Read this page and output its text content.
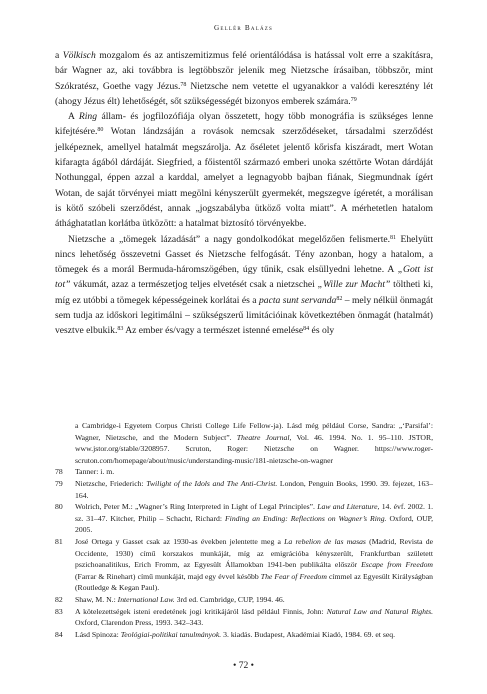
Gellér Balázs

a Völkisch mozgalom és az antiszemitizmus felé orientálódása is hatással volt erre a szakításra, bár Wagner az, aki továbbra is legtöbbször jelenik meg Nietzsche írásaiban, többször, mint Szókratész, Goethe vagy Jézus.$^{78}$ Nietzsche nem vetette el ugyanakkor a valódi keresztény lét (ahogy Jézus élt) lehetőségét, sőt szükségességét bizonyos emberek számára.$^{79}$

A Ring állam- és jogfilozófiája olyan összetett, hogy több monográfia is szükséges lenne kifejtésére.$^{80}$ Wotan lándzsáján a rovások nemcsak szerződéseket, társadalmi szerződést jelképeznek, amellyel hatalmát megszárolja. Az őséletet jelentő kőrisfa kiszáradt, mert Wotan kifaragta ágából dárdáját. Siegfried, a főistentől származó emberi unoka széttörte Wotan dárdáját Nothunggal, éppen azzal a karddal, amelyet a legnagyobb bajban fiának, Siegmundnak ígért Wotan, de saját törvényei miatt megölni kényszerült gyermekét, megszegve ígéretét, a morálisan is kötő szóbeli szerződést, annak „jogszabályba ütköző volta miatt”. A mérhetetlen hatalom áthághatatlan korlátba ütközött: a hatalmat biztosító törvényekbe.

Nietzsche a „tömegek lázadását” a nagy gondolkodókat megelőzően felismerte.$^{81}$ Ehelyütt nincs lehetőség összevetni Gasset és Nietzsche felfogását. Tény azonban, hogy a hatalom, a tömegek és a morál Bermuda-háromszögében, úgy tűnik, csak elsüllyedni lehetne. A „Gott ist tot” vákumát, azaz a természetjog teljes elvetését csak a nietzschei „Wille zur Macht” töltheti ki, míg ez utóbbi a tömegek képességeinek korlátai és a pacta sunt servanda$^{82}$ – mely nélkül önmagát sem tudja az időskori legitimálni – szükségszerű limitációinak következtében önmagát (hatalmát) vesztve elbukik.$^{83}$ Az ember és/vagy a természet istenné emelése$^{84}$ és oly

a Cambridge-i Egyetem Corpus Christi College Life Fellow-ja). Lásd még például Corse, Sandra: „‘Parsifal’: Wagner, Nietzsche, and the Modern Subject”. Theatre Journal, Vol. 46. 1994. No. 1. 95–110. JSTOR, www.jstor.org/stable/3208957. Scruton, Roger: Nietzsche on Wagner. https://www.roger-scruton.com/homepage/about/music/understanding-music/181-nietzsche-on-wagner
78	Tanner: i. m.
79	Nietzsche, Friederich: Twilight of the Idols and The Anti-Christ. London, Penguin Books, 1990. 39. fejezet, 163–164.
80	Wolrich, Peter M.: „Wagner’s Ring Interpreted in Light of Legal Principles”. Law and Literature, 14. évf. 2002. 1. sz. 31–47. Kitcher, Philip – Schacht, Richard: Finding an Ending: Reflections on Wagner’s Ring. Oxford, OUP, 2005.
81	José Ortega y Gasset csak az 1930-as években jelentette meg a La rebelion de las masas (Madrid, Revista de Occidente, 1930) című korszakos munkáját, míg az emigrációba kényszerült, Frankfurtban született pszichoanalitikus, Erich Fromm, az Egyesült Államokban 1941-ben publikálta először Escape from Freedom (Farrar & Rinehart) című munkáját, majd egy évvel később The Fear of Freedom címmel az Egyesült Királyságban (Routledge & Kegan Paul).
82	Shaw, M. N.: International Law. 3rd ed. Cambridge, CUP, 1994. 46.
83	A kötelezettségek isteni eredetének jogi kritikájáról lásd például Finnis, John: Natural Law and Natural Rights. Oxford, Clarendon Press, 1993. 342–343.
84	Lásd Spinoza: Teológiai-politikai tanulmányok. 3. kiadás. Budapest, Akadémiai Kiadó, 1984. 69. et seq.
• 72 •
